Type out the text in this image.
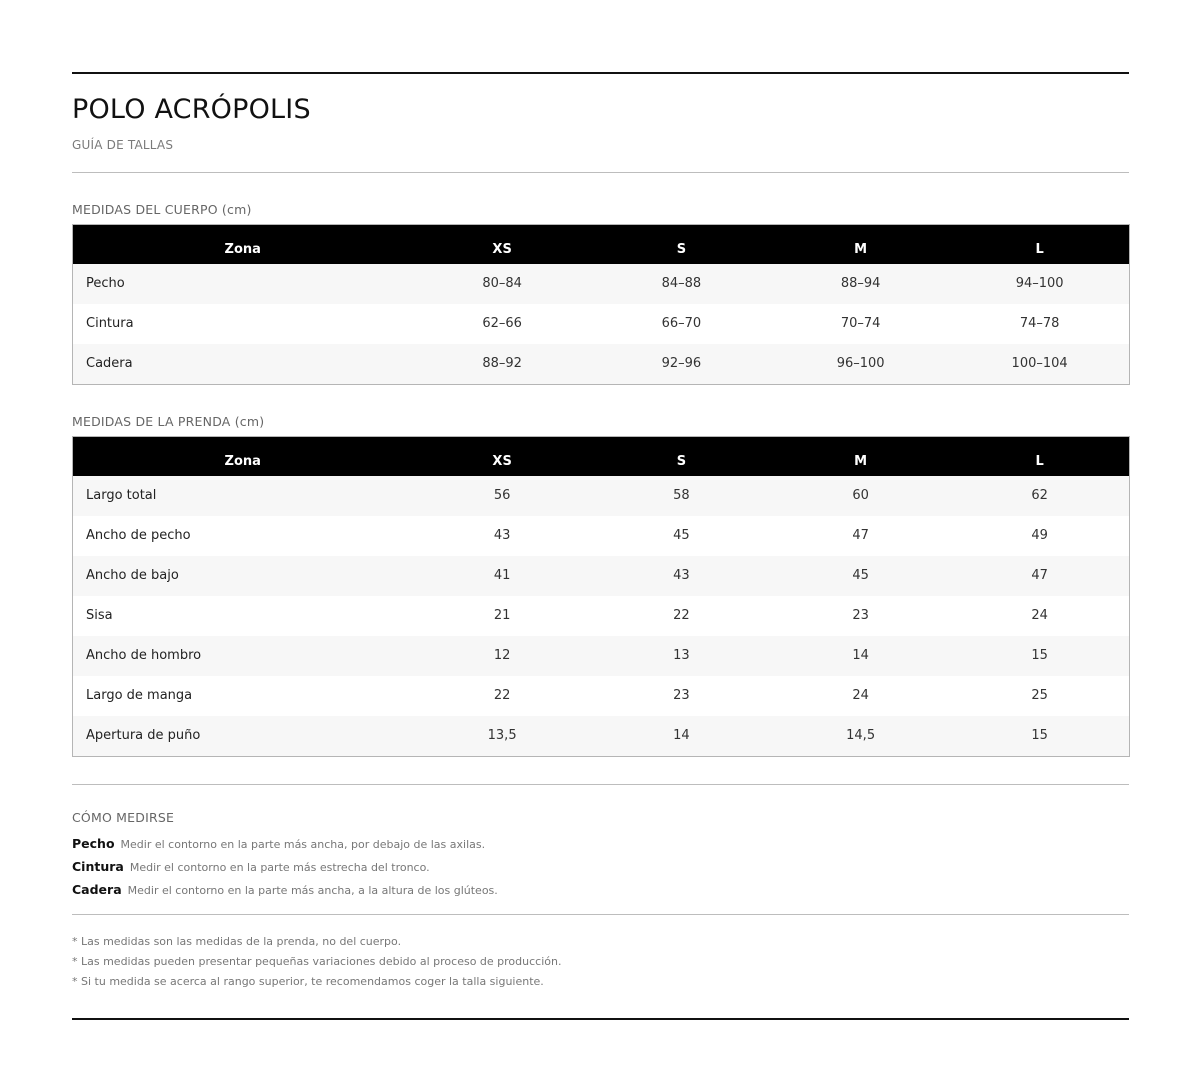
POLO ACRÓPOLIS
GUÍA DE TALLAS
MEDIDAS DEL CUERPO (cm)
Zona	XS	S	M	L
Pecho	80–84	84–88	88–94	94–100
Cintura	62–66	66–70	70–74	74–78
Cadera	88–92	92–96	96–100	100–104
MEDIDAS DE LA PRENDA (cm)
Zona	XS	S	M	L
Largo total	56	58	60	62
Ancho de pecho	43	45	47	49
Ancho de bajo	41	43	45	47
Sisa	21	22	23	24
Ancho de hombro	12	13	14	15
Largo de manga	22	23	24	25
Apertura de puño	13,5	14	14,5	15
CÓMO MEDIRSE
Pecho Medir el contorno en la parte más ancha, por debajo de las axilas.
Cintura Medir el contorno en la parte más estrecha del tronco.
Cadera Medir el contorno en la parte más ancha, a la altura de los glúteos.
* Las medidas son las medidas de la prenda, no del cuerpo.
* Las medidas pueden presentar pequeñas variaciones debido al proceso de producción.
* Si tu medida se acerca al rango superior, te recomendamos coger la talla siguiente.
